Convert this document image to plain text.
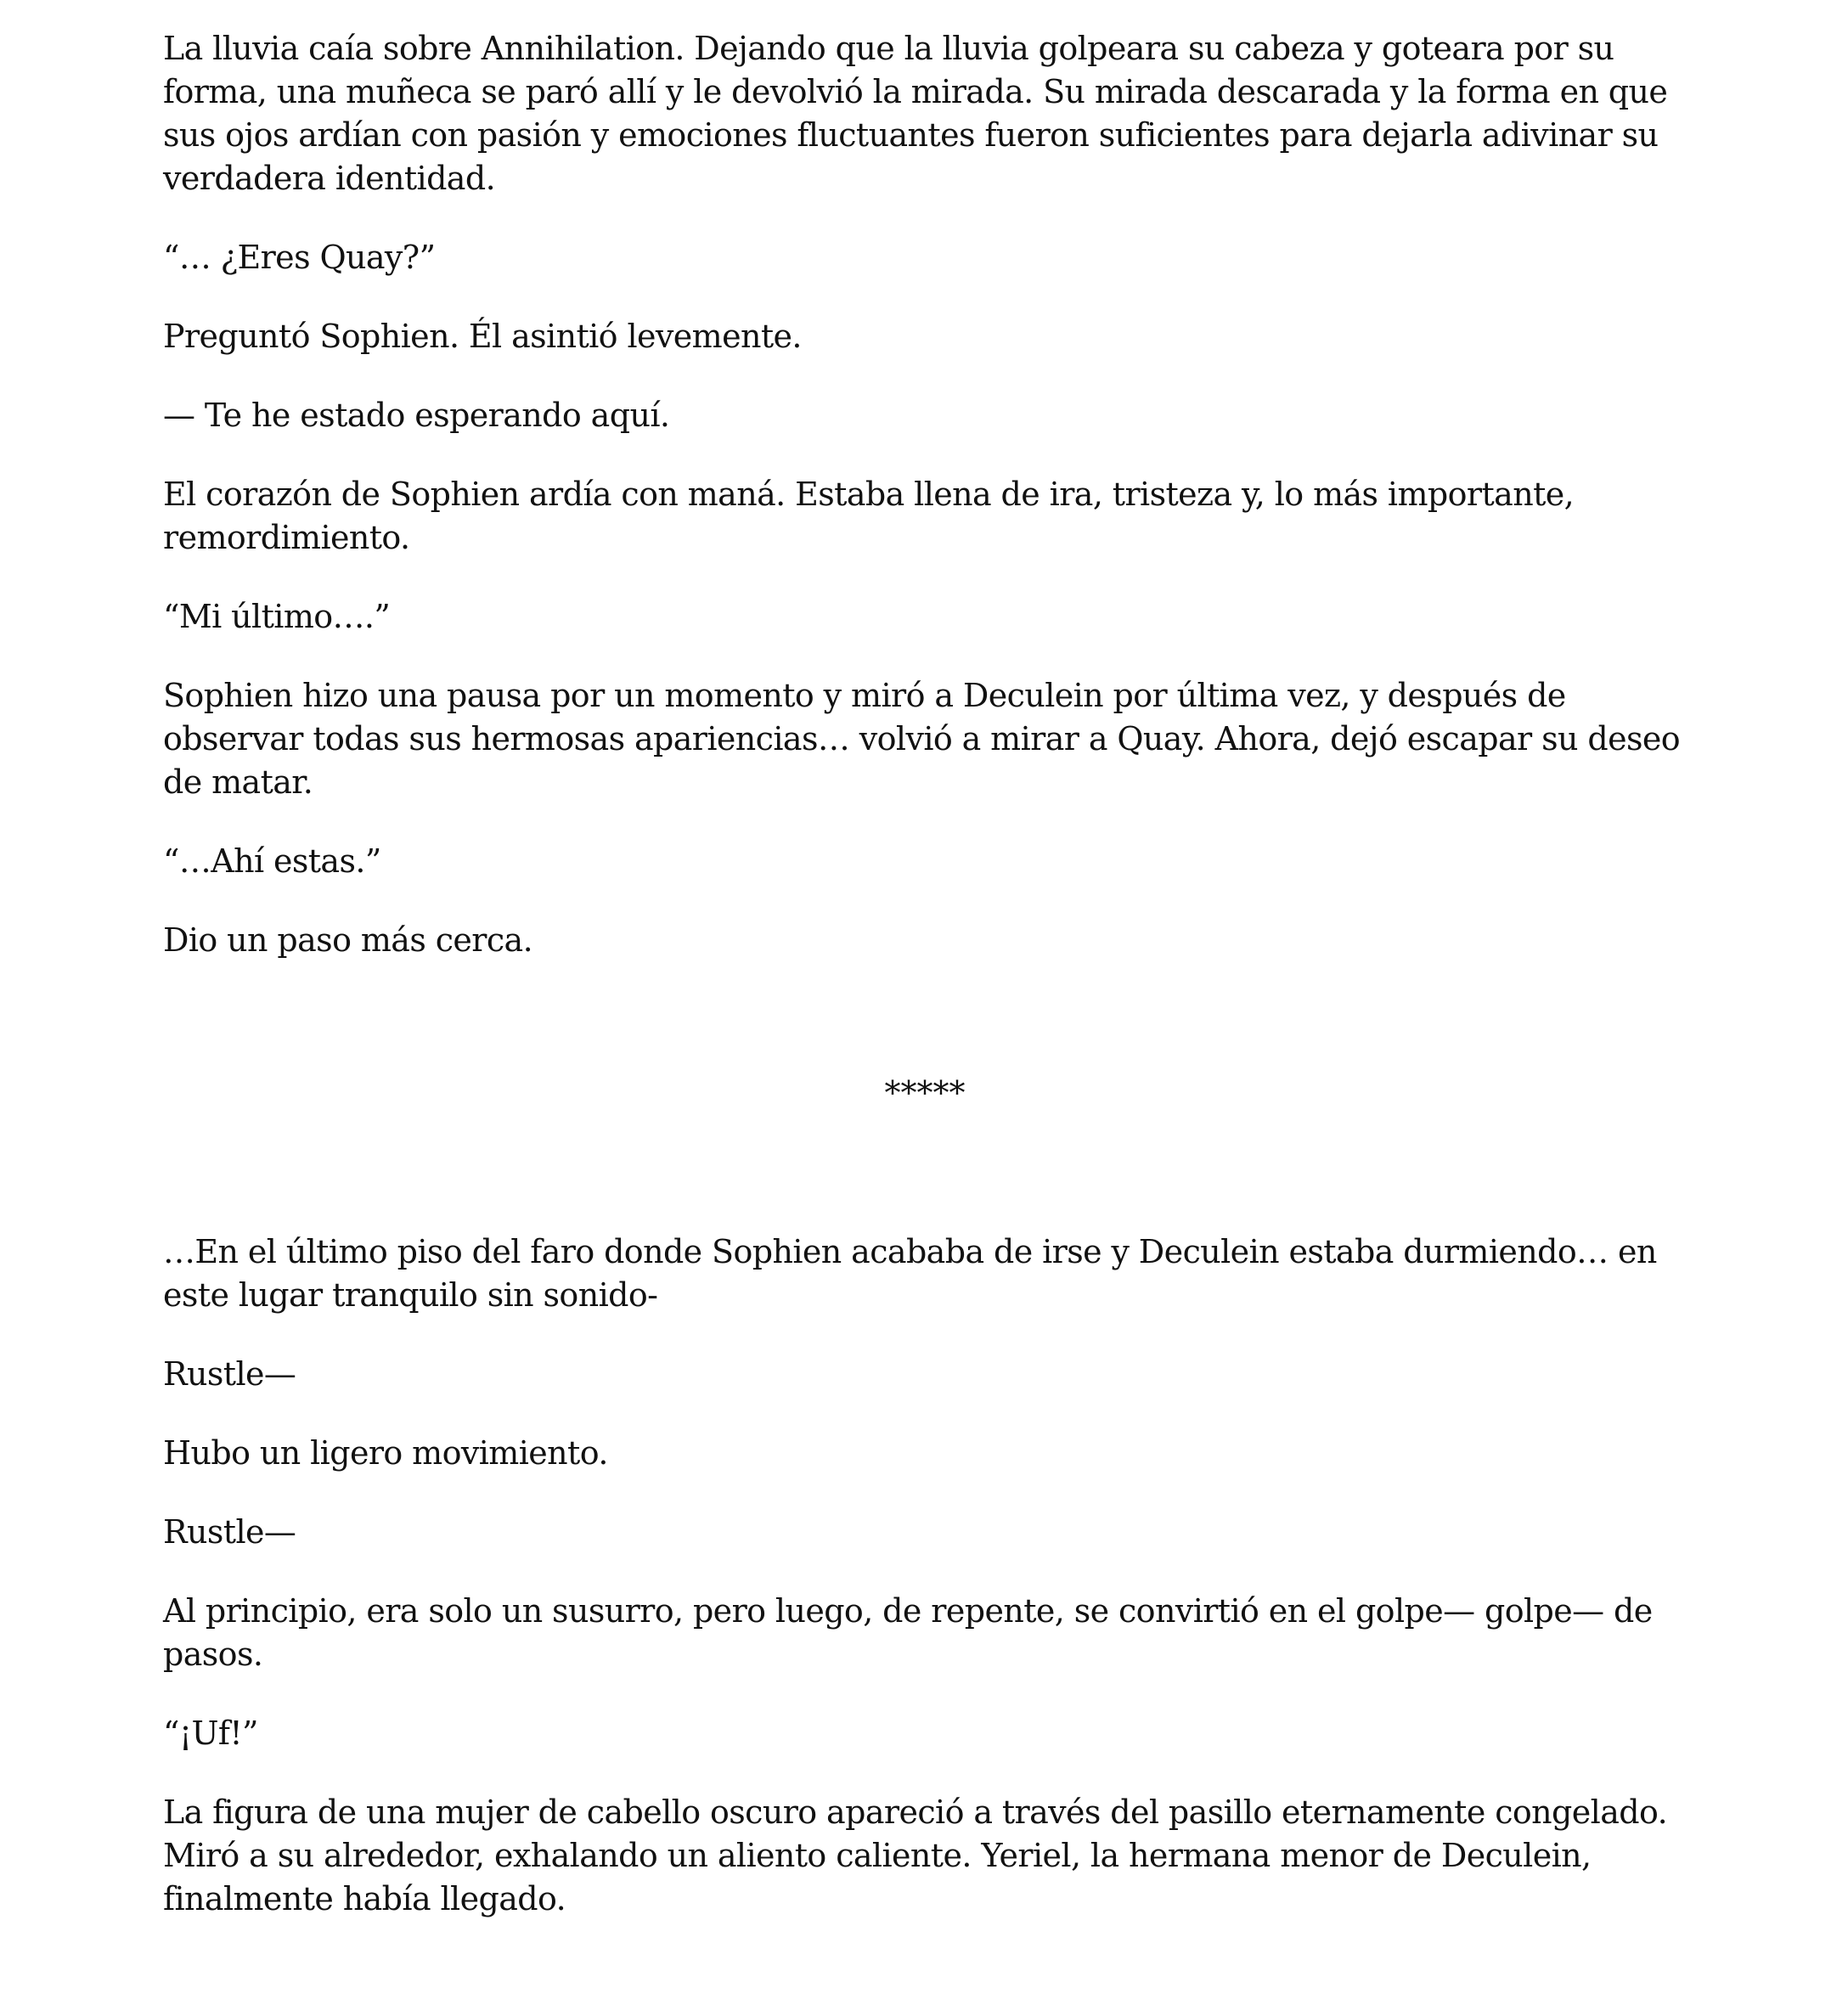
La lluvia caía sobre Annihilation. Dejando que la lluvia golpeara su cabeza y goteara por su forma, una muñeca se paró allí y le devolvió la mirada. Su mirada descarada y la forma en que sus ojos ardían con pasión y emociones fluctuantes fueron suficientes para dejarla adivinar su verdadera identidad.

“… ¿Eres Quay?”

Preguntó Sophien. Él asintió levemente.

— Te he estado esperando aquí.

El corazón de Sophien ardía con maná. Estaba llena de ira, tristeza y, lo más importante, remordimiento.

“Mi último….”

Sophien hizo una pausa por un momento y miró a Deculein por última vez, y después de observar todas sus hermosas apariencias… volvió a mirar a Quay. Ahora, dejó escapar su deseo de matar.

“…Ahí estas.”

Dio un paso más cerca.

*****

…En el último piso del faro donde Sophien acababa de irse y Deculein estaba durmiendo… en este lugar tranquilo sin sonido-

Rustle—

Hubo un ligero movimiento.

Rustle—

Al principio, era solo un susurro, pero luego, de repente, se convirtió en el golpe— golpe— de pasos.

“¡Uf!”

La figura de una mujer de cabello oscuro apareció a través del pasillo eternamente congelado. Miró a su alrededor, exhalando un aliento caliente. Yeriel, la hermana menor de Deculein, finalmente había llegado.
